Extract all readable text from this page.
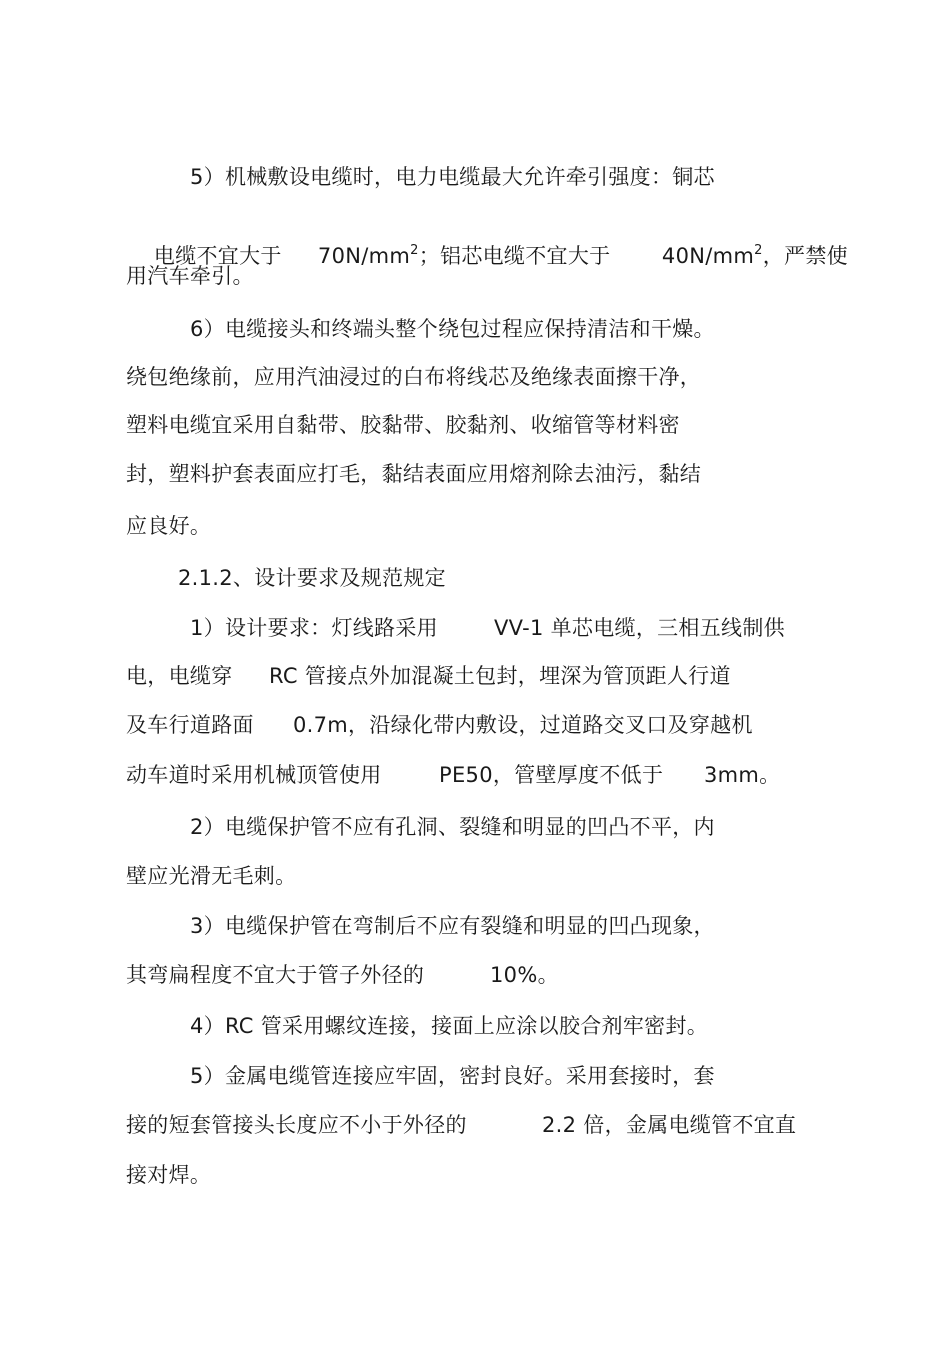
5）机械敷设电缆时，电力电缆最大允许牵引强度：铜芯

电缆不宜大于
	$70N/mm^2$；铝芯电缆不宜大于
	$40N/mm^2$，严禁使

用汽车牵引。
6）电缆接头和终端头整个绕包过程应保持清洁和干燥。
绕包绝缘前，应用汽油浸过的白布将线芯及绝缘表面擦干净，
塑料电缆宜采用自黏带、胶黏带、胶黏剂、收缩管等材料密
封，塑料护套表面应打毛，黏结表面应用熔剂除去油污，黏结
应良好。
2.1.2、设计要求及规范规定
1）设计要求：灯线路采用	VV-1 单芯电缆，三相五线制供
电，电缆穿 RC 管接点外加混凝土包封，埋深为管顶距人行道
及车行道路面 0.7m，沿绿化带内敷设，过道路交叉口及穿越机
动车道时采用机械顶管使用	PE50，管壁厚度不低于 3mm。
2）电缆保护管不应有孔洞、裂缝和明显的凹凸不平，内
壁应光滑无毛刺。
3）电缆保护管在弯制后不应有裂缝和明显的凹凸现象，
其弯扁程度不宜大于管子外径的	10%。
4）RC 管采用螺纹连接，接面上应涂以胶合剂牢密封。
5）金属电缆管连接应牢固，密封良好。采用套接时，套
接的短套管接头长度应不小于外径的	2.2 倍，金属电缆管不宜直
接对焊。
